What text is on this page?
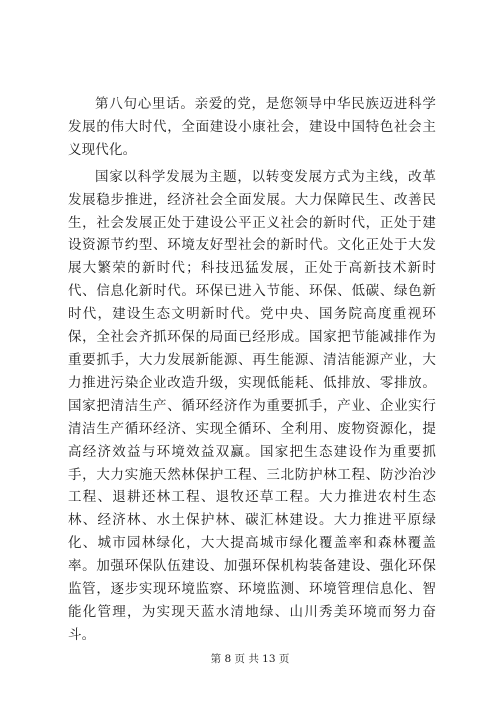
第八句心里话。亲爱的党，是您领导中华民族迈进科学发展的伟大时代，全面建设小康社会，建设中国特色社会主义现代化。

国家以科学发展为主题，以转变发展方式为主线，改革发展稳步推进，经济社会全面发展。大力保障民生、改善民生，社会发展正处于建设公平正义社会的新时代，正处于建设资源节约型、环境友好型社会的新时代。文化正处于大发展大繁荣的新时代；科技迅猛发展，正处于高新技术新时代、信息化新时代。环保已进入节能、环保、低碳、绿色新时代，建设生态文明新时代。党中央、国务院高度重视环保，全社会齐抓环保的局面已经形成。国家把节能减排作为重要抓手，大力发展新能源、再生能源、清洁能源产业，大力推进污染企业改造升级，实现低能耗、低排放、零排放。国家把清洁生产、循环经济作为重要抓手，产业、企业实行清洁生产循环经济、实现全循环、全利用、废物资源化，提高经济效益与环境效益双赢。国家把生态建设作为重要抓手，大力实施天然林保护工程、三北防护林工程、防沙治沙工程、退耕还林工程、退牧还草工程。大力推进农村生态林、经济林、水土保护林、碳汇林建设。大力推进平原绿化、城市园林绿化，大大提高城市绿化覆盖率和森林覆盖率。加强环保队伍建设、加强环保机构装备建设、强化环保监管，逐步实现环境监察、环境监测、环境管理信息化、智能化管理，为实现天蓝水清地绿、山川秀美环境而努力奋斗。

第 8 页 共 13 页
